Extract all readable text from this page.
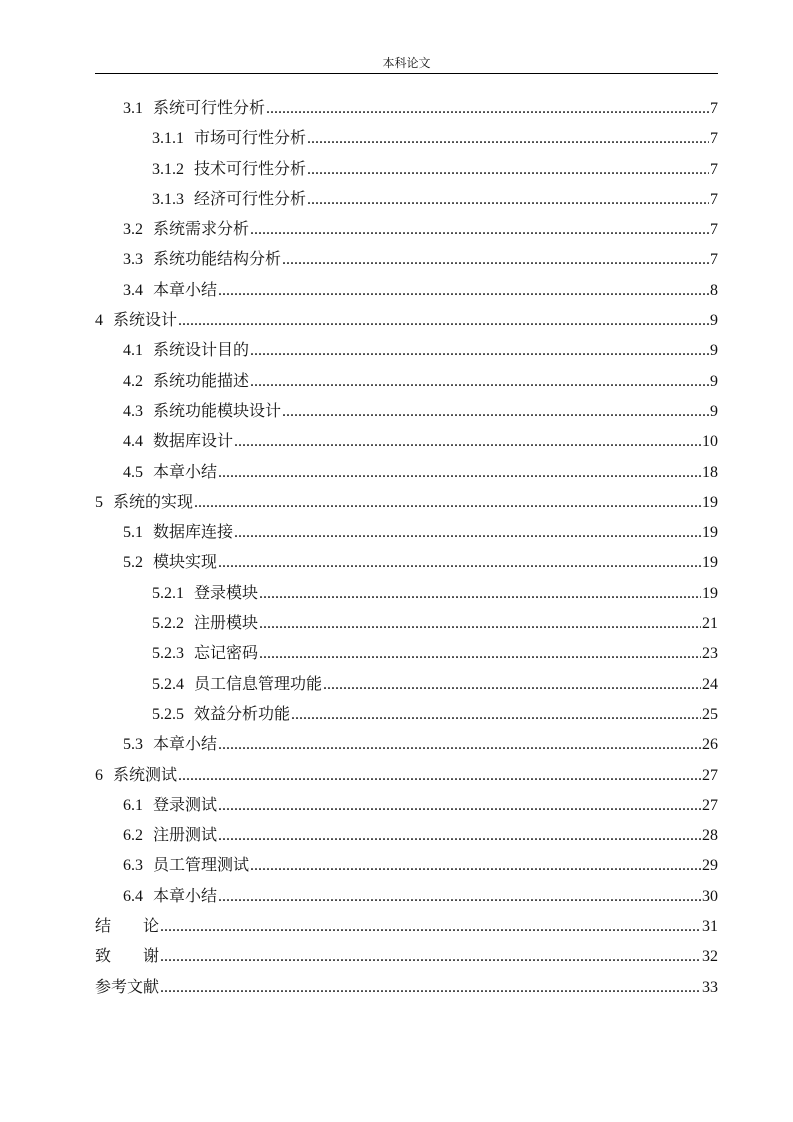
本科论文
3.1 系统可行性分析 .....	7
3.1.1 市场可行性分析 .....	7
3.1.2 技术可行性分析 .....	7
3.1.3 经济可行性分析 .....	7
3.2 系统需求分析 .....	7
3.3 系统功能结构分析 .....	7
3.4 本章小结 .....	8
4 系统设计 .....	9
4.1 系统设计目的 .....	9
4.2 系统功能描述 .....	9
4.3 系统功能模块设计 .....	9
4.4 数据库设计 .....	10
4.5 本章小结 .....	18
5 系统的实现 .....	19
5.1 数据库连接 .....	19
5.2 模块实现 .....	19
5.2.1 登录模块 .....	19
5.2.2 注册模块 .....	21
5.2.3 忘记密码 .....	23
5.2.4 员工信息管理功能 .....	24
5.2.5 效益分析功能 .....	25
5.3 本章小结 .....	26
6 系统测试 .....	27
6.1 登录测试 .....	27
6.2 注册测试 .....	28
6.3 员工管理测试 .....	29
6.4 本章小结 .....	30
结　　论 .....	31
致　　谢 .....	32
参考文献 .....	33
